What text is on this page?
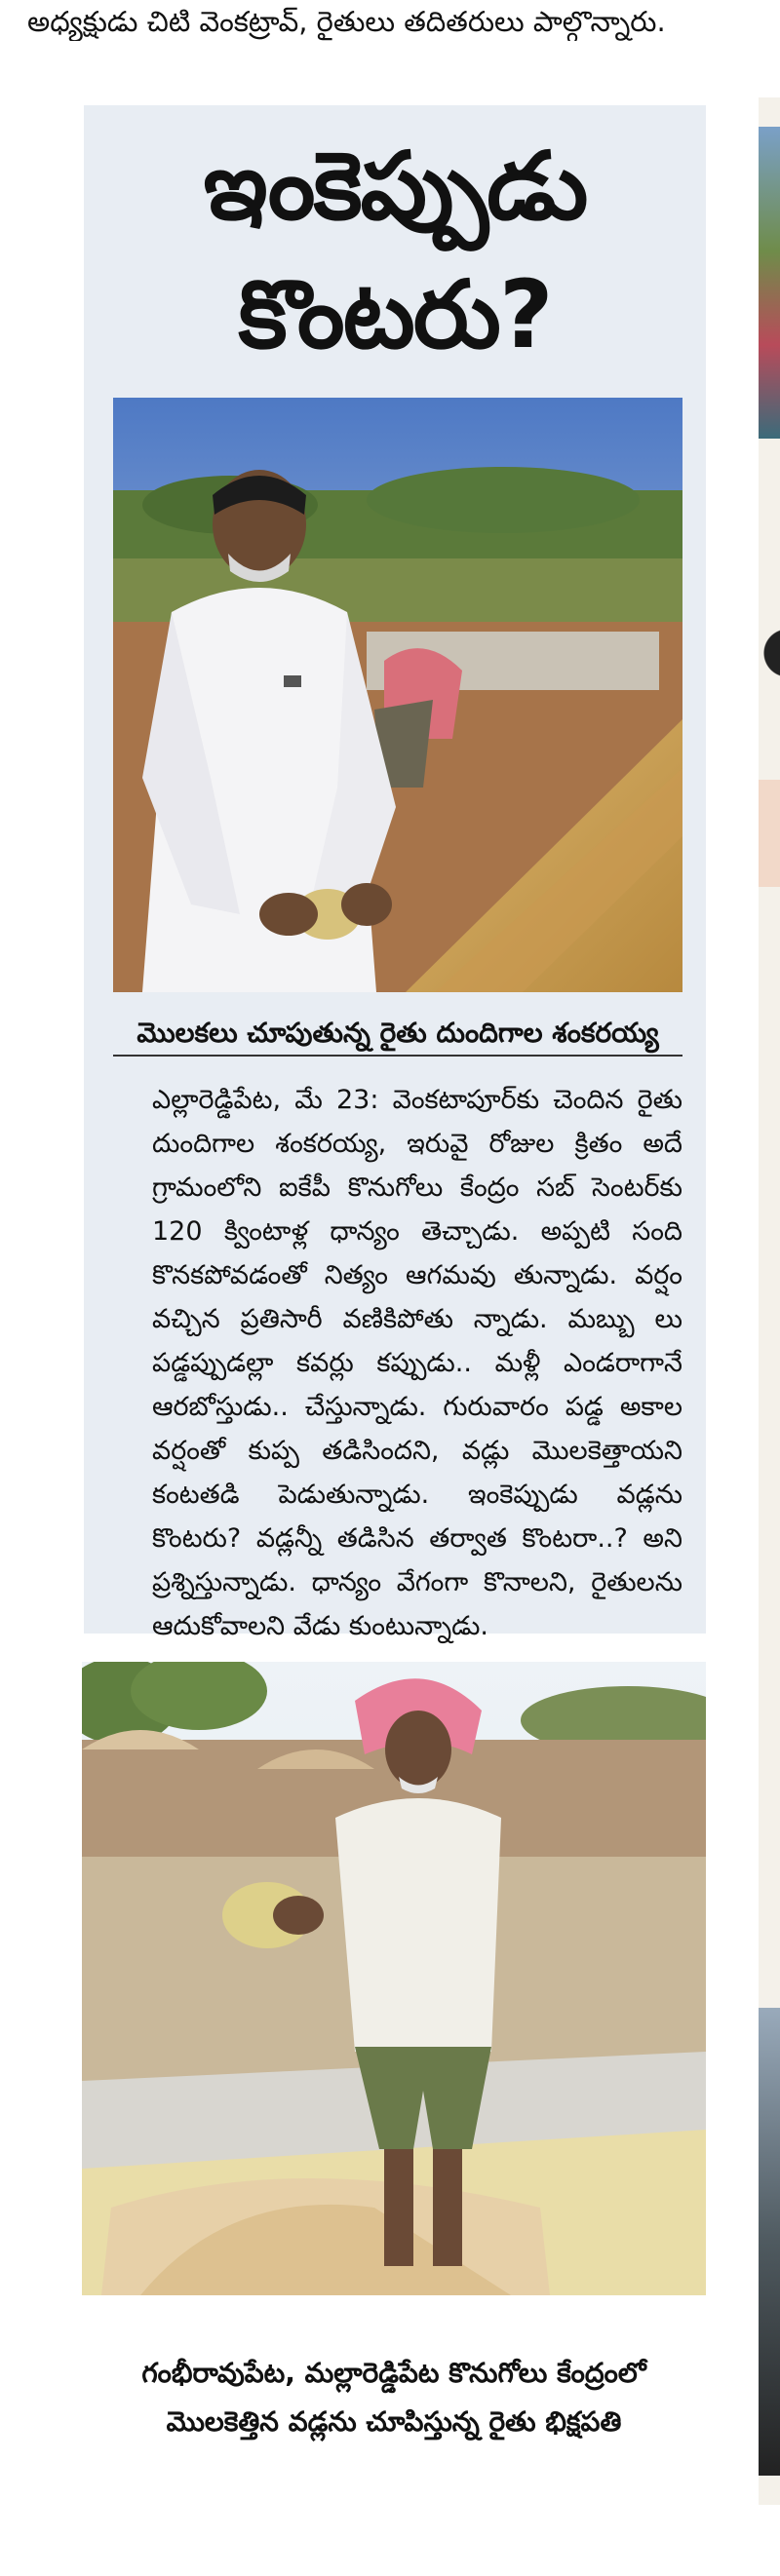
అధ్యక్షుడు చిటి వెంకట్రావ్, రైతులు తదితరులు పాల్గొన్నారు.
ఇంకెప్పుడు
కొంటరు?
మొలకలు చూపుతున్న రైతు దుందిగాల శంకరయ్య
ఎల్లారెడ్డిపేట, మే 23: వెంకటాపూర్‌కు చెందిన రైతు దుందిగాల శంకరయ్య, ఇరువై రోజుల క్రితం అదే గ్రామంలోని ఐకేపీ కొనుగోలు కేంద్రం సబ్ సెంటర్‌కు 120 క్వింటాళ్ల ధాన్యం తెచ్చాడు. అప్పటి సంది కొనకపోవడంతో నిత్యం ఆగమవు తున్నాడు. వర్షం వచ్చిన ప్రతిసారీ వణికిపోతు న్నాడు. మబ్బు లు పడ్డప్పుడల్లా కవర్లు కప్పుడు.. మళ్లీ ఎండరాగానే ఆరబోస్తుడు.. చేస్తున్నాడు. గురువారం పడ్డ అకాల వర్షంతో కుప్ప తడిసిందని, వడ్లు మొలకెత్తాయని కంటతడి పెడుతున్నాడు. ఇంకెప్పుడు వడ్లను కొంటరు? వడ్లన్నీ తడిసిన తర్వాత కొంటరా..? అని ప్రశ్నిస్తున్నాడు. ధాన్యం వేగంగా కొనాలని, రైతులను ఆదుకోవాలని వేడు కుంటున్నాడు.
గంభీరావుపేట, మల్లారెడ్డిపేట కొనుగోలు కేంద్రంలో
మొలకెత్తిన వడ్లను చూపిస్తున్న రైతు భిక్షపతి
